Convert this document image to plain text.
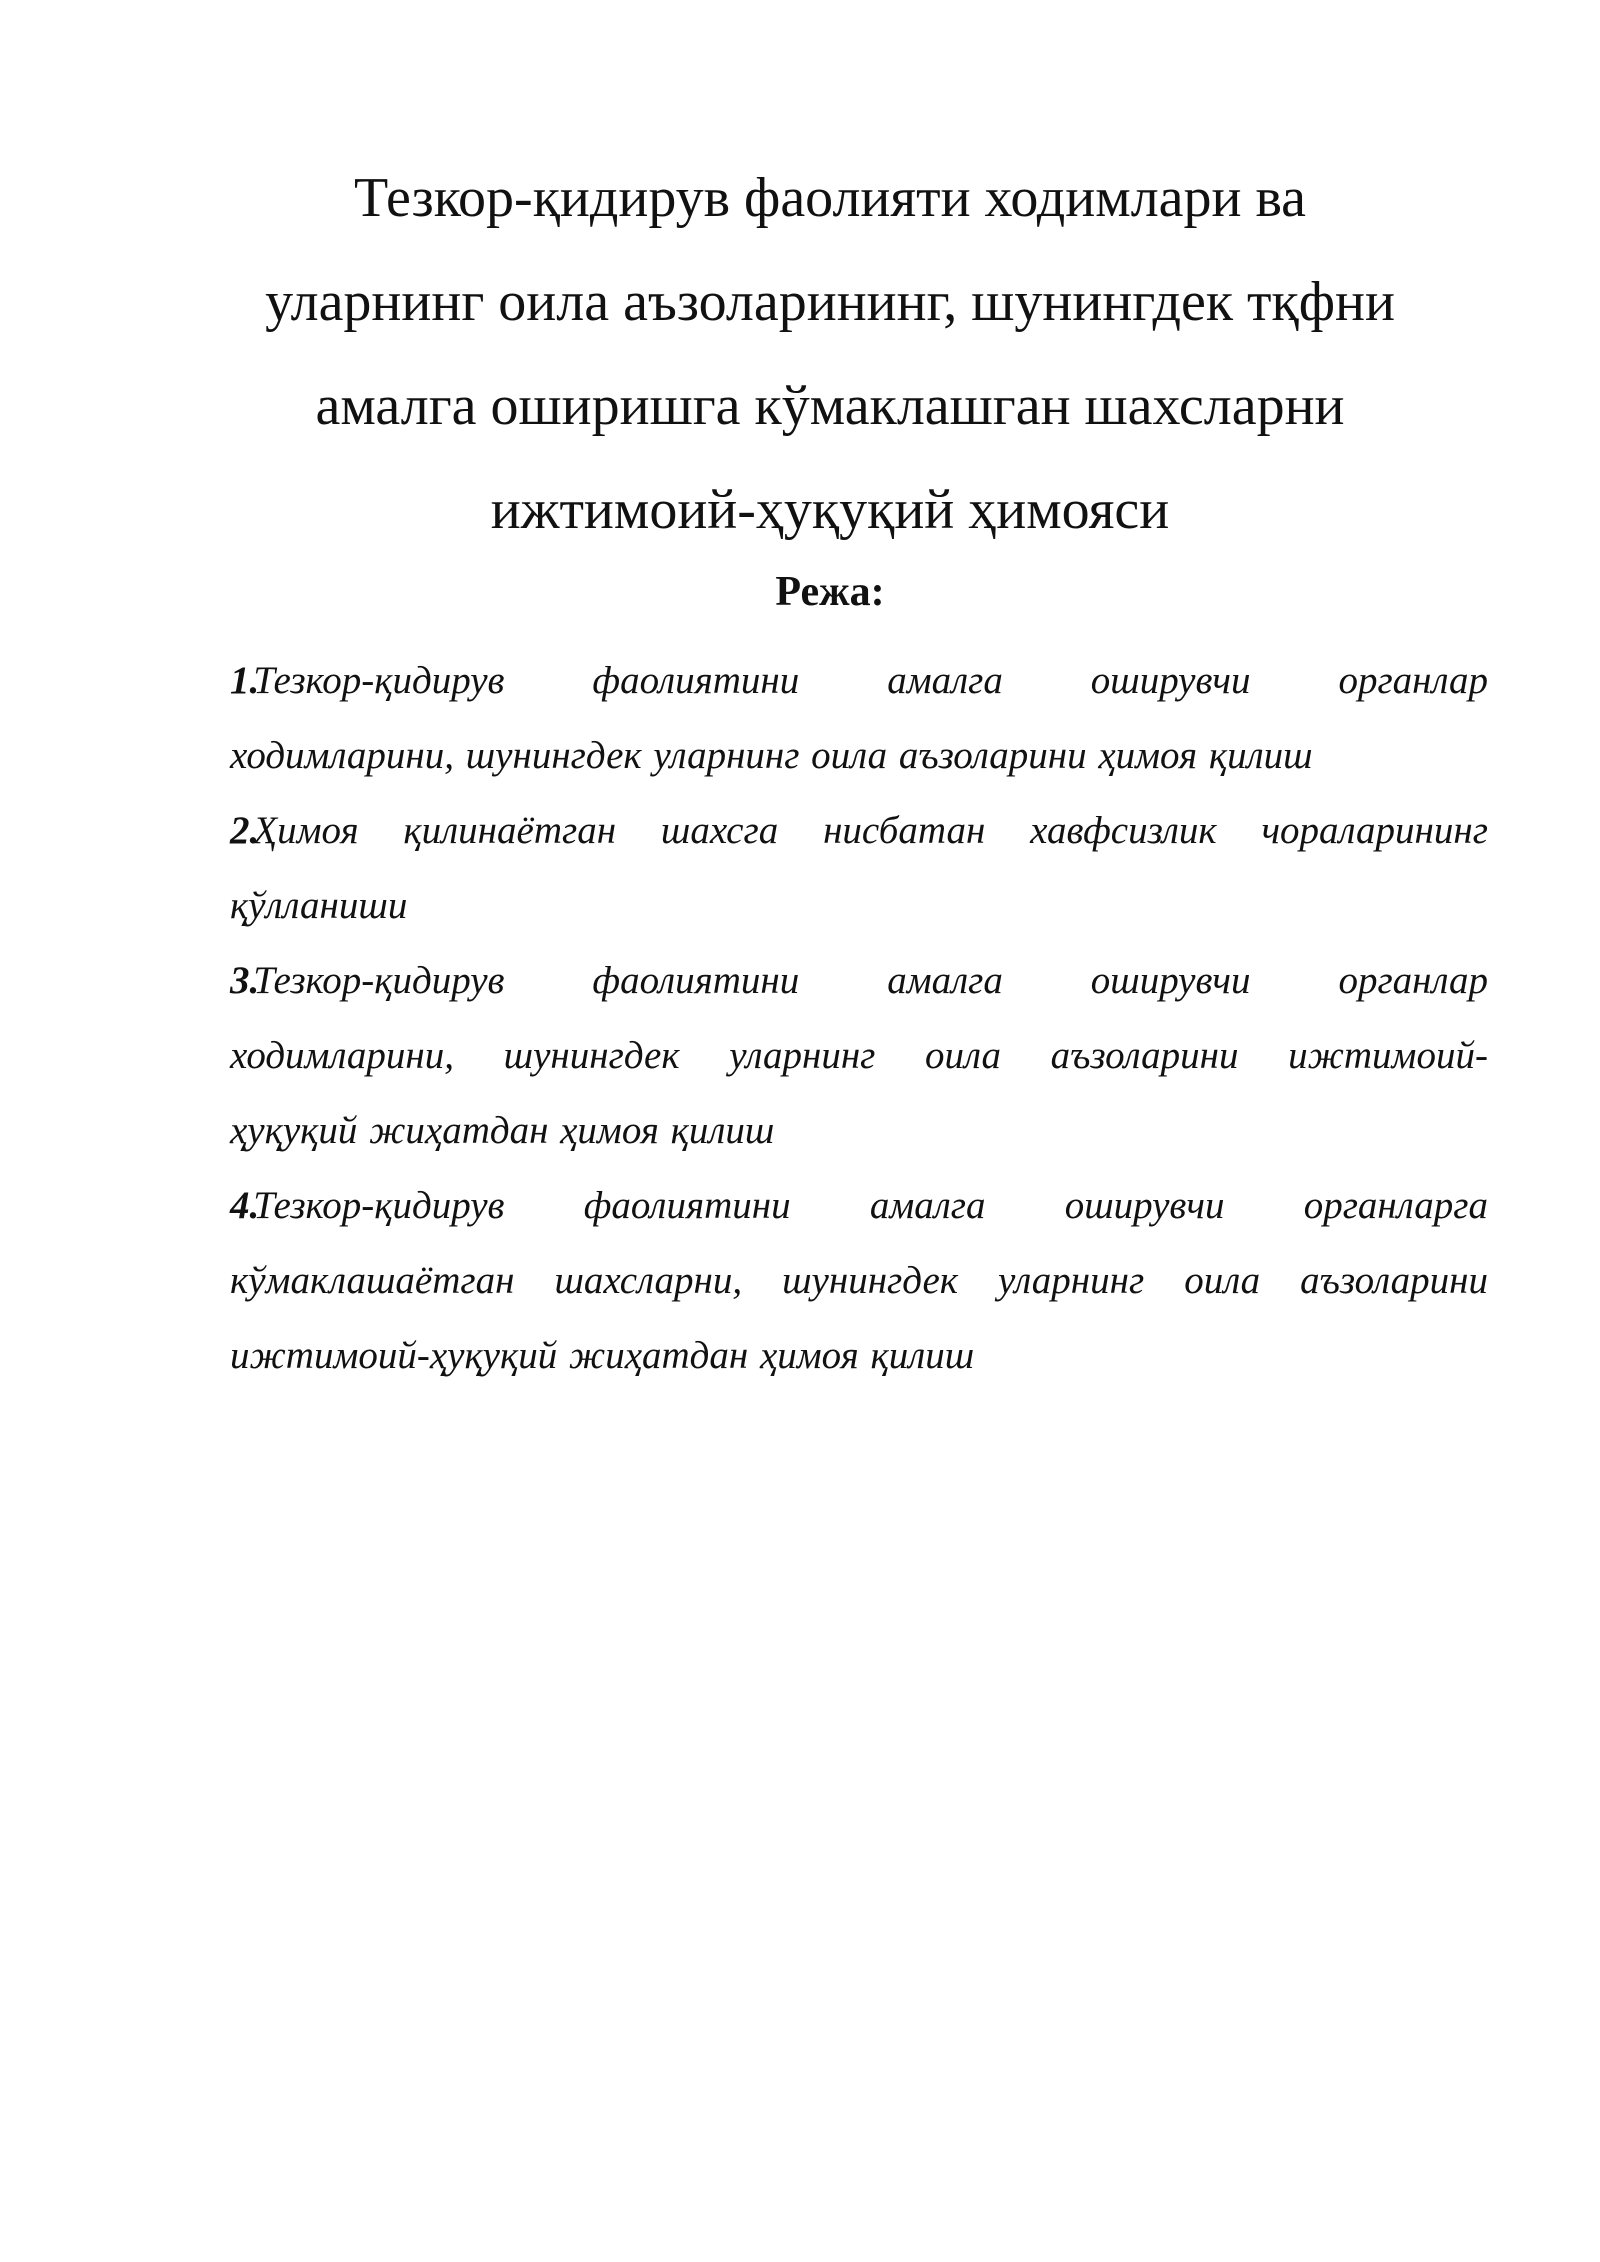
Тезкор-қидирув фаолияти ходимлари ва
уларнинг оила аъзоларининг, шунингдек тқфни
амалга оширишга кўмаклашган шахсларни
ижтимоий-ҳуқуқий ҳимояси
Режа:
1.Тезкор-қидирув фаолиятини амалга оширувчи органлар
ходимларини, шунингдек уларнинг оила аъзоларини ҳимоя қилиш
2.Ҳимоя қилинаётган шахсга нисбатан хавфсизлик чораларининг
қўлланиши
3.Тезкор-қидирув фаолиятини амалга оширувчи органлар
ходимларини, шунингдек уларнинг оила аъзоларини ижтимоий-
ҳуқуқий жиҳатдан ҳимоя қилиш
4.Тезкор-қидирув фаолиятини амалга оширувчи органларга
кўмаклашаётган шахсларни, шунингдек уларнинг оила аъзоларини
ижтимоий-ҳуқуқий жиҳатдан ҳимоя қилиш
